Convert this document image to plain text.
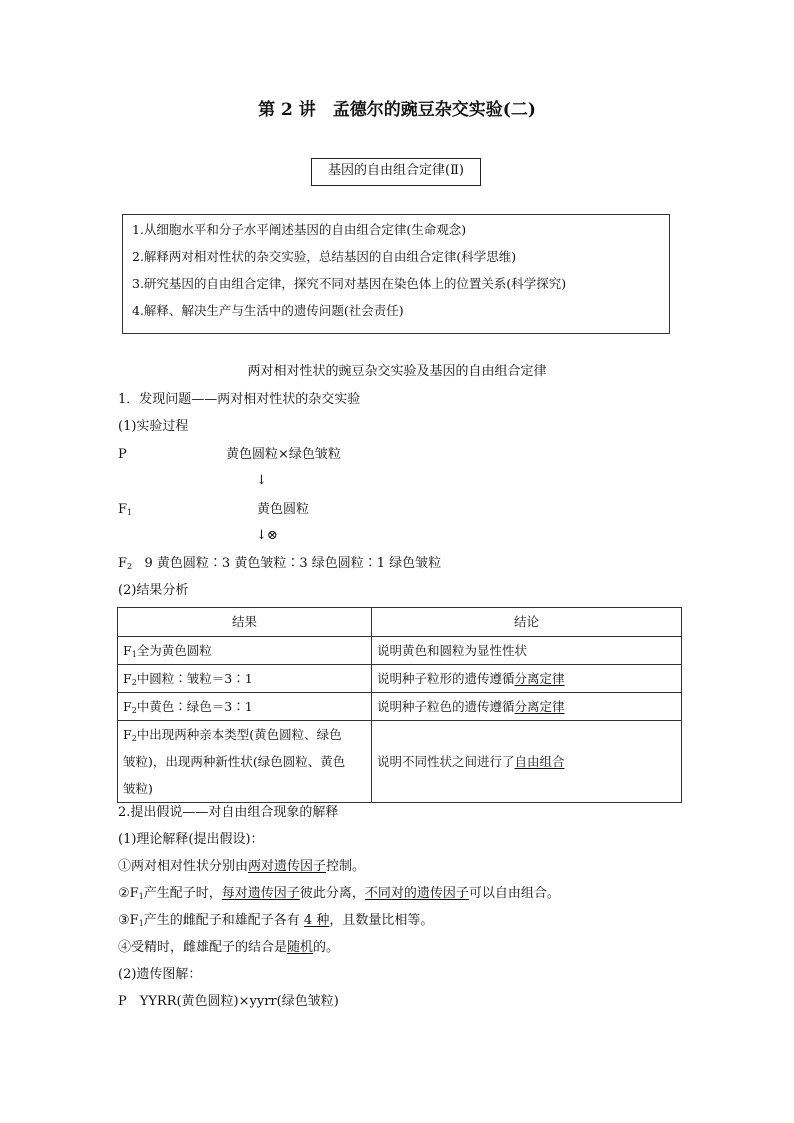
第 2 讲　孟德尔的豌豆杂交实验(二)
基因的自由组合定律(Ⅱ)
1.从细胞水平和分子水平阐述基因的自由组合定律(生命观念)
2.解释两对相对性状的杂交实验，总结基因的自由组合定律(科学思维)
3.研究基因的自由组合定律，探究不同对基因在染色体上的位置关系(科学探究)
4.解释、解决生产与生活中的遗传问题(社会责任)
两对相对性状的豌豆杂交实验及基因的自由组合定律
1．发现问题——两对相对性状的杂交实验
(1)实验过程
P	黄色圆粒×绿色皱粒
↓
$F_1$	黄色圆粒
↓⊗
$F_2$ 9 黄色圆粒∶3 黄色皱粒∶3 绿色圆粒∶1 绿色皱粒
(2)结果分析
结果	结论
$F_1$全为黄色圆粒	说明黄色和圆粒为显性性状
$F_2$中圆粒∶皱粒＝3∶1	说明种子粒形的遗传遵循分离定律
$F_2$中黄色∶绿色＝3∶1	说明种子粒色的遗传遵循分离定律
$F_2$中出现两种亲本类型(黄色圆粒、绿色
皱粒)，出现两种新性状(绿色圆粒、黄色
皱粒)	说明不同性状之间进行了自由组合
2.提出假说——对自由组合现象的解释
(1)理论解释(提出假设)：
①两对相对性状分别由两对遗传因子控制。
$②F_1$产生配子时，每对遗传因子彼此分离，不同对的遗传因子可以自由组合。
$③F_1$产生的雌配子和雄配子各有 4 种，且数量比相等。
④受精时，雌雄配子的结合是随机的。
(2)遗传图解：
P　YYRR(黄色圆粒)×yyrr(绿色皱粒)
